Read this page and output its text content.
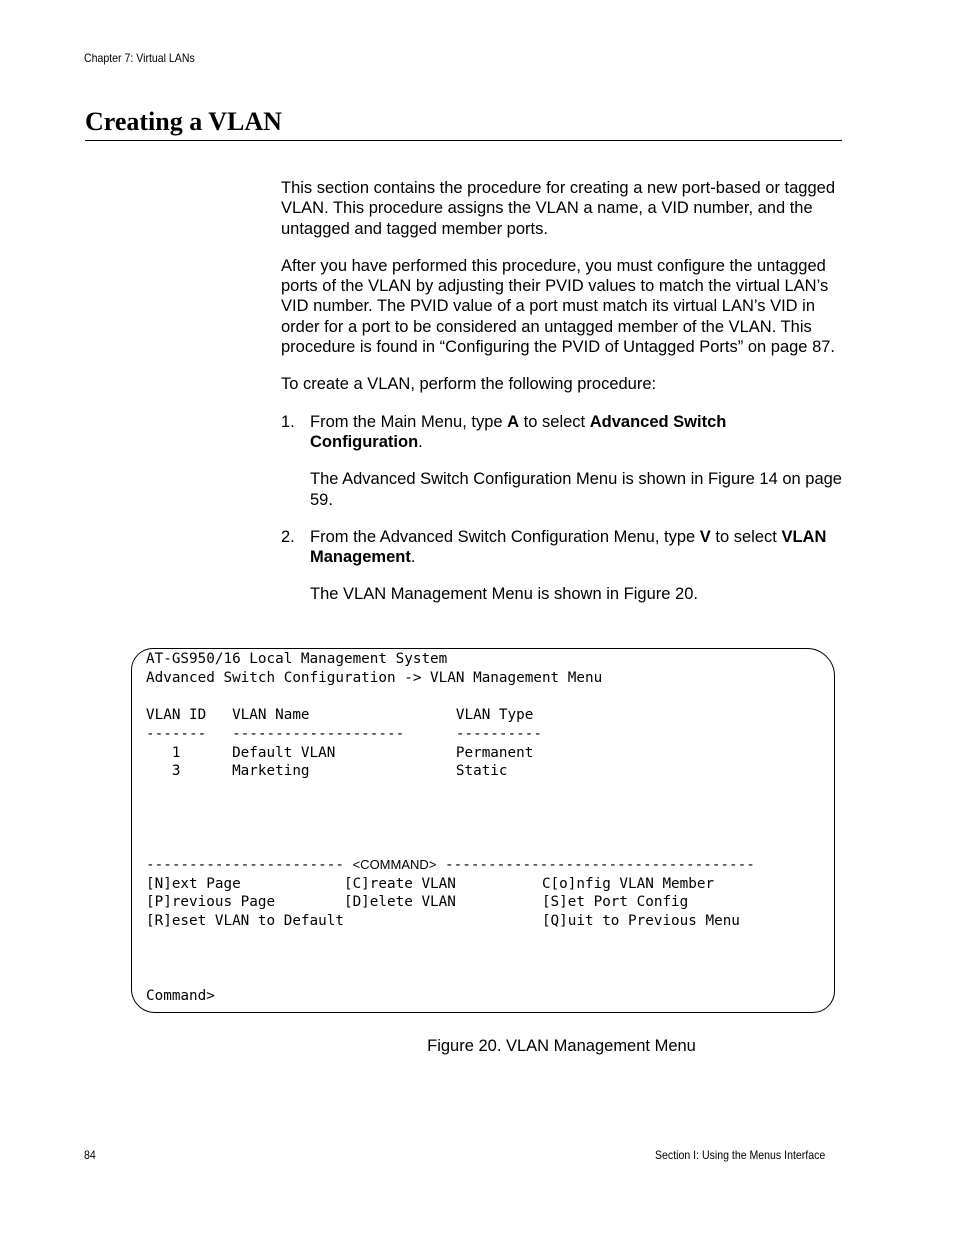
Chapter 7: Virtual LANs
Creating a VLAN

This section contains the procedure for creating a new port-based or tagged VLAN. This procedure assigns the VLAN a name, a VID number, and the untagged and tagged member ports.

After you have performed this procedure, you must configure the untagged ports of the VLAN by adjusting their PVID values to match the virtual LAN’s VID number. The PVID value of a port must match its virtual LAN’s VID in order for a port to be considered an untagged member of the VLAN. This procedure is found in “Configuring the PVID of Untagged Ports” on page 87.

To create a VLAN, perform the following procedure:

1. From the Main Menu, type A to select Advanced Switch Configuration.

The Advanced Switch Configuration Menu is shown in Figure 14 on page 59.

2. From the Advanced Switch Configuration Menu, type V to select VLAN Management.

The VLAN Management Menu is shown in Figure 20.

AT-GS950/16 Local Management System
Advanced Switch Configuration -> VLAN Management Menu
VLAN ID   VLAN Name                 VLAN Type
-------   --------------------      ----------
1      Default VLAN              Permanent
3      Marketing                 Static
----------------------- <COMMAND> ------------------------------------
[N]ext Page            [C]reate VLAN          C[o]nfig VLAN Member
[P]revious Page        [D]elete VLAN          [S]et Port Config
[R]eset VLAN to Default                       [Q]uit to Previous Menu
Command>
Figure 20. VLAN Management Menu
84	Section I: Using the Menus Interface
